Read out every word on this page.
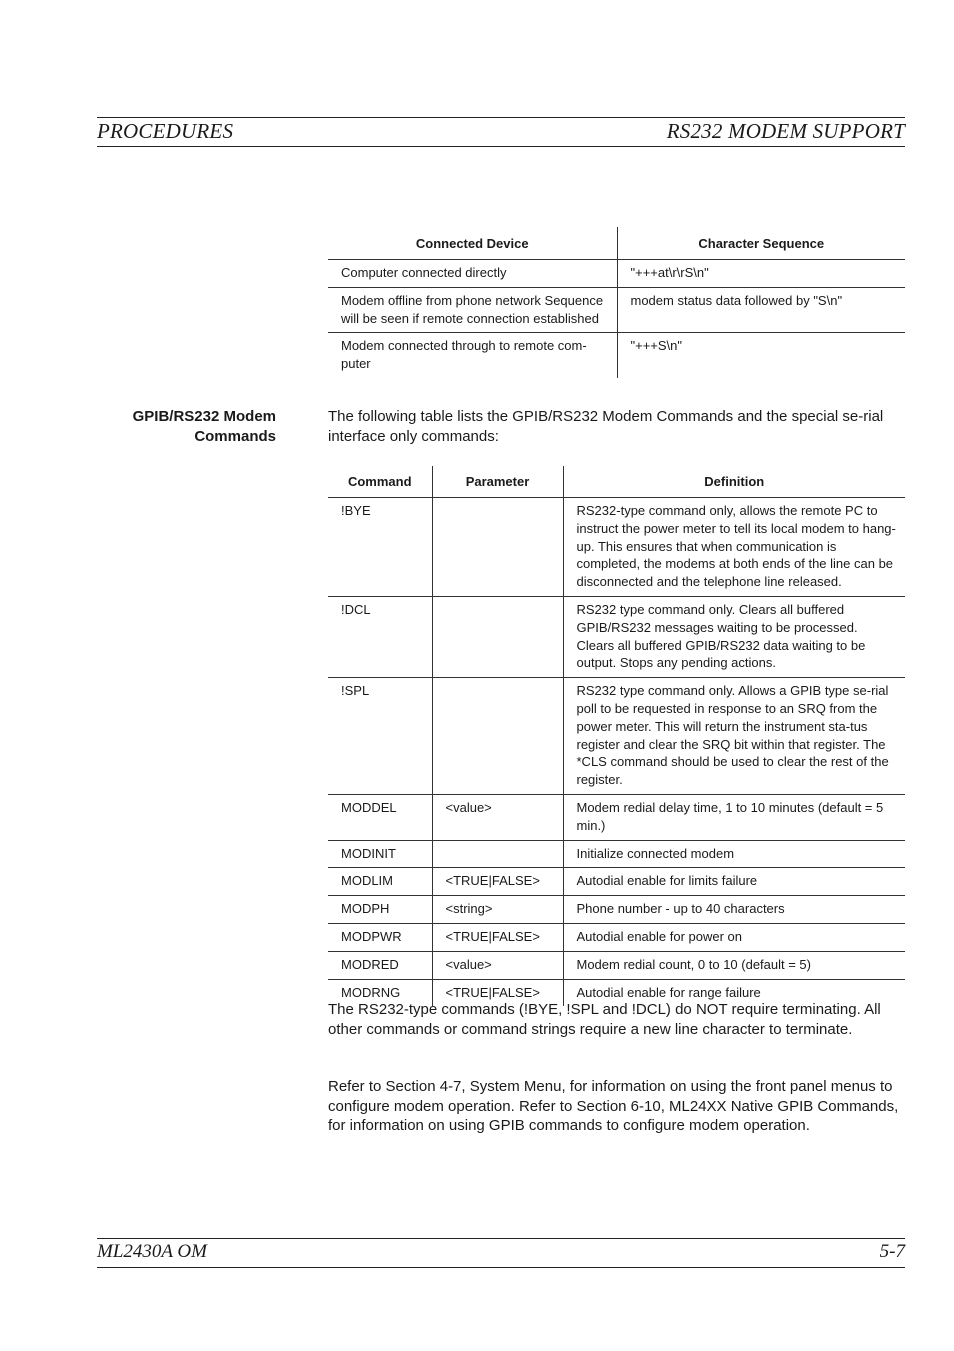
PROCEDURES	RS232 MODEM SUPPORT
Connected Device	Character Sequence
Computer connected directly	"+++at\r\rS\n"
Modem offline from phone network Sequence will be seen if remote connection established	modem status data followed by "S\n"
Modem connected through to remote com-puter	"+++S\n"
GPIB/RS232 Modem Commands
The following table lists the GPIB/RS232 Modem Commands and the special se-rial interface only commands:
Command	Parameter	Definition
!BYE		RS232-type command only, allows the remote PC to instruct the power meter to tell its local modem to hang-up. This ensures that when communication is completed, the modems at both ends of the line can be disconnected and the telephone line released.
!DCL		RS232 type command only. Clears all buffered GPIB/RS232 messages waiting to be processed. Clears all buffered GPIB/RS232 data waiting to be output. Stops any pending actions.
!SPL		RS232 type command only. Allows a GPIB type se-rial poll to be requested in response to an SRQ from the power meter. This will return the instrument sta-tus register and clear the SRQ bit within that register. The *CLS command should be used to clear the rest of the register.
MODDEL	<value>	Modem redial delay time, 1 to 10 minutes (default = 5 min.)
MODINIT		Initialize connected modem
MODLIM	<TRUE|FALSE>	Autodial enable for limits failure
MODPH	<string>	Phone number - up to 40 characters
MODPWR	<TRUE|FALSE>	Autodial enable for power on
MODRED	<value>	Modem redial count, 0 to 10 (default = 5)
MODRNG	<TRUE|FALSE>	Autodial enable for range failure
The RS232-type commands (!BYE, !SPL and !DCL) do NOT require terminating. All other commands or command strings require a new line character to terminate.
Refer to Section 4-7, System Menu, for information on using the front panel menus to configure modem operation. Refer to Section 6-10, ML24XX Native GPIB Commands, for information on using GPIB commands to configure modem operation.
ML2430A OM	5-7
